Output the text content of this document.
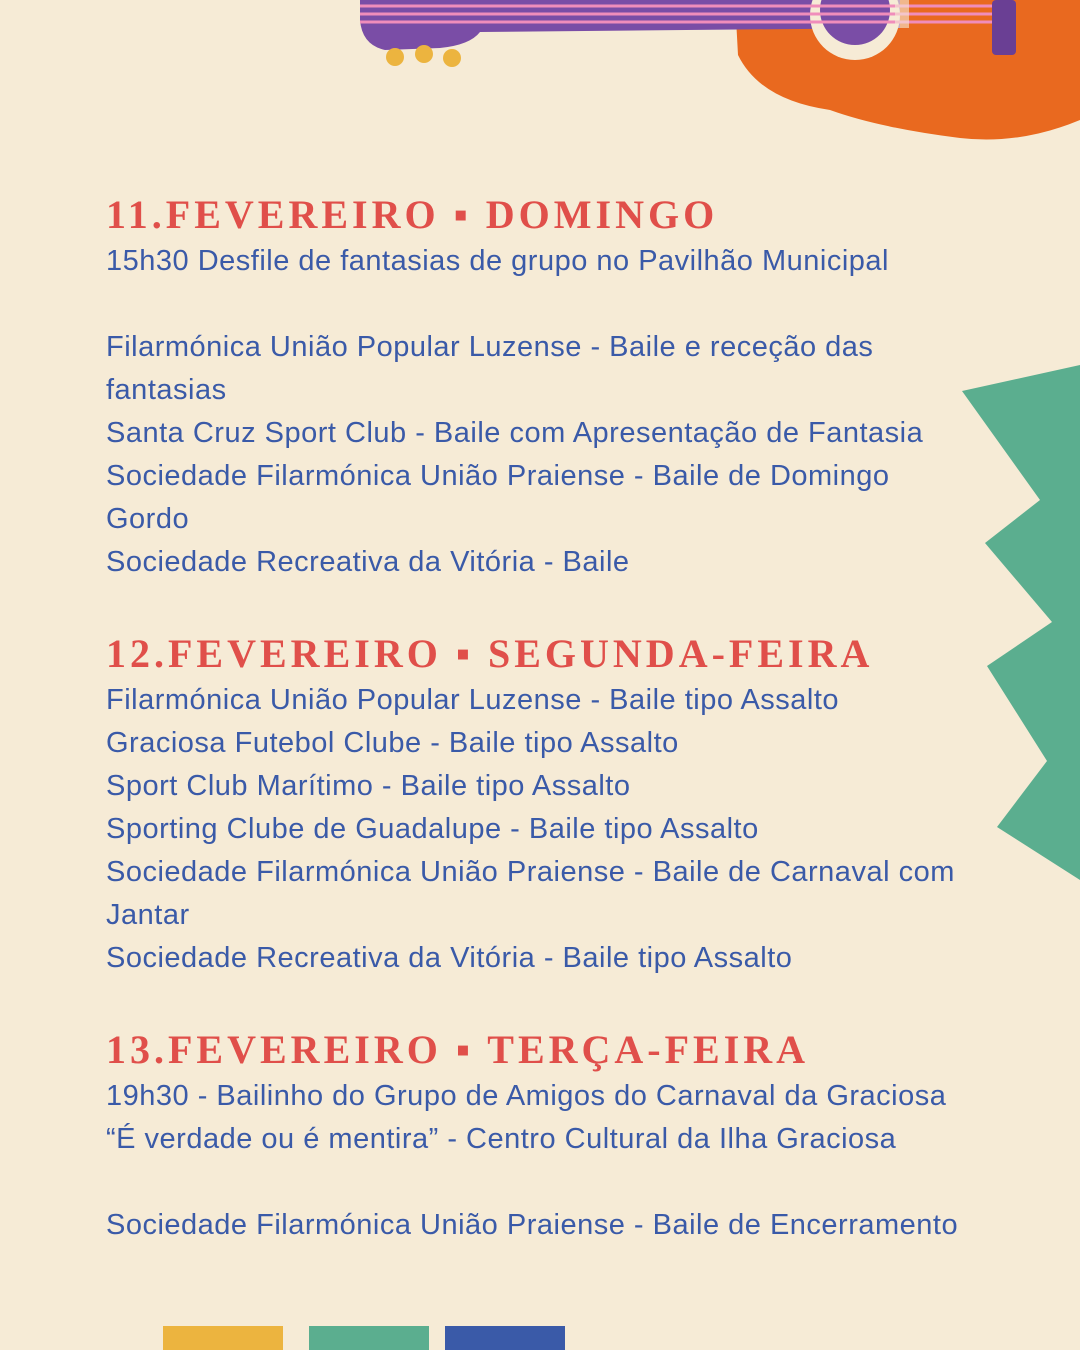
11.FEVEREIRO ▪ DOMINGO

15h30 Desfile de fantasias de grupo no Pavilhão Municipal

Filarmónica União Popular Luzense - Baile e receção das

fantasias

Santa Cruz Sport Club - Baile com Apresentação de Fantasia

Sociedade Filarmónica União Praiense - Baile de Domingo Gordo

Sociedade Recreativa da Vitória - Baile

12.FEVEREIRO ▪ SEGUNDA-FEIRA

Filarmónica União Popular Luzense - Baile tipo Assalto

Graciosa Futebol Clube - Baile tipo Assalto

Sport Club Marítimo - Baile tipo Assalto

Sporting Clube de Guadalupe - Baile tipo Assalto

Sociedade Filarmónica União Praiense - Baile de Carnaval com

Jantar

Sociedade Recreativa da Vitória - Baile tipo Assalto

13.FEVEREIRO ▪ TERÇA-FEIRA

19h30 - Bailinho do Grupo de Amigos do Carnaval da Graciosa

“É verdade ou é mentira” - Centro Cultural da Ilha Graciosa

Sociedade Filarmónica União Praiense - Baile de Encerramento
